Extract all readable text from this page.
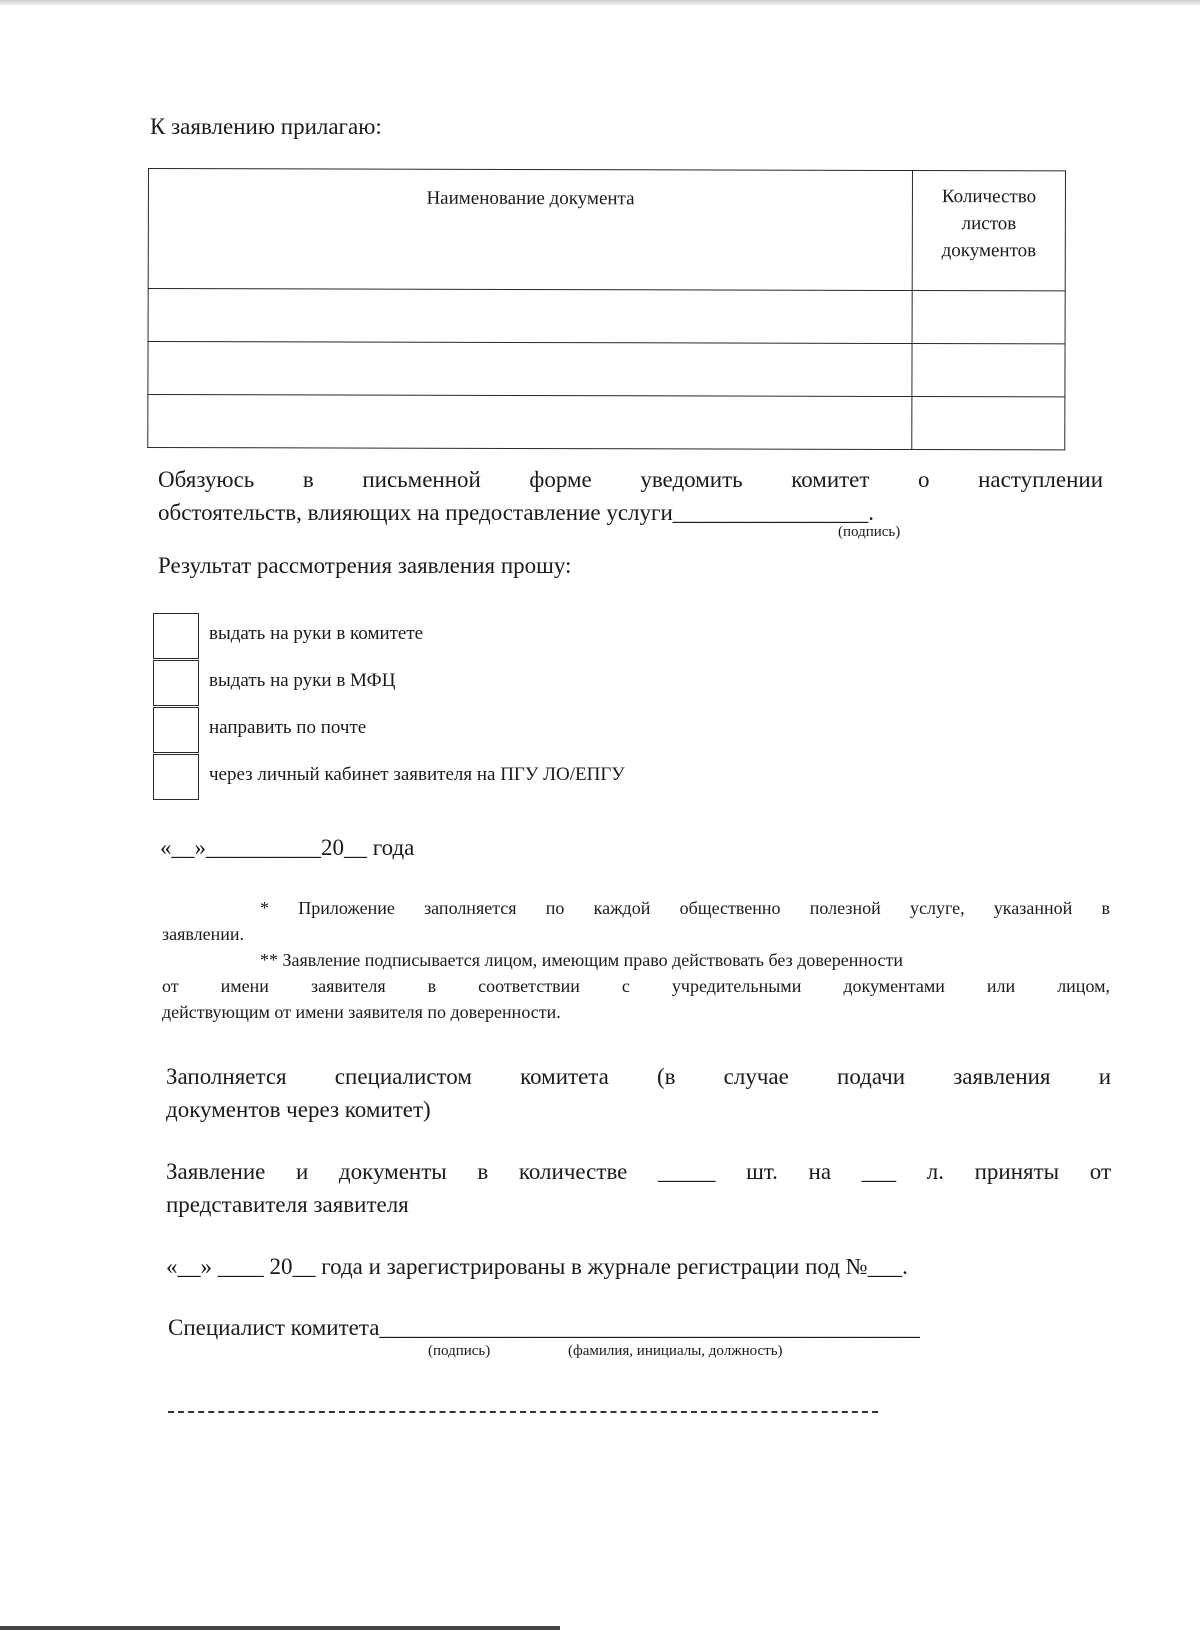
К заявлению прилагаю:
Наименование документа	Количество
листов
документов

Обязуюсь в письменной форме уведомить комитет о наступлении
обстоятельств, влияющих на предоставление услуги_________________.
(подпись)
Результат рассмотрения заявления прошу:
выдать на руки в комитете
выдать на руки в МФЦ
направить по почте
через личный кабинет заявителя на ПГУ ЛО/ЕПГУ
«__»__________20__ года
* Приложение заполняется по каждой общественно полезной услуге, указанной в
заявлении.
** Заявление подписывается лицом, имеющим право действовать без доверенности
от имени заявителя в соответствии с учредительными документами или лицом,
действующим от имени заявителя по доверенности.
Заполняется специалистом комитета (в случае подачи заявления и
документов через комитет)
Заявление и документы в количестве _____ шт. на ___ л. приняты от
представителя заявителя
«__» ____ 20__ года и зарегистрированы в журнале регистрации под №___.
Специалист комитета_______________________________________________
(подпись)	(фамилия, инициалы, должность)
